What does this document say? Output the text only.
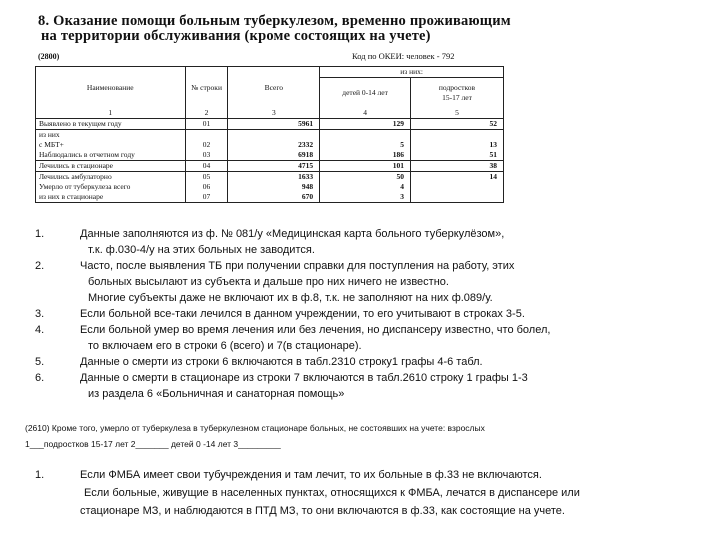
8. Оказание помощи больным туберкулезом, временно проживающим
на территории обслуживания (кроме состоящих на учете)
(2800)	Код по ОКЕИ: человек - 792
Наименование	№ строки	Всего	из них:	
			детей 0-14 лет	подростков 15-17 лет
1	2	3	4	5
Выявлено в текущем году	01	5961	129	52
из них				
с МБТ+	02	2332	5	13
Наблюдались в отчетном году	03	6918	186	51
Лечились в стационаре	04	4715	101	38
Лечились амбулаторно	05	1633	50	14
Умерло от туберкулеза всего	06	948	4	
из них в стационаре	07	670	3	
1.	Данные заполняются из ф. № 081/у «Медицинская карта больного туберкулёзом»,
т.к. ф.030-4/у на этих больных не заводится.
2.	Часто, после выявления ТБ при получении справки для поступления на работу, этих
больных высылают из субъекта и дальше про них ничего не известно.
Многие субъекты даже не включают их в ф.8, т.к. не заполняют на них ф.089/у.
3.	Если больной все-таки лечился в данном учреждении, то его учитывают в строках 3-5.
4.	Если больной умер во время лечения или без лечения, но диспансеру известно, что болел,
то включаем его в строки 6 (всего) и 7(в стационаре).
5.	Данные о смерти из строки 6 включаются в табл.2310 строку1 графы 4-6 табл.
6.	Данные о смерти в стационаре из строки 7 включаются в табл.2610 строку 1 графы 1-3
из раздела 6 «Больничная и санаторная помощь»
(2610) Кроме того, умерло от туберкулеза в туберкулезном стационаре больных, не состоявших на учете: взрослых
1___подростков 15-17 лет 2_______ детей 0 -14 лет 3_________
1.	Если ФМБА имеет свои тубучреждения и там лечит, то их больные в ф.33 не включаются.
Если больные, живущие в населенных пунктах, относящихся к ФМБА, лечатся в диспансере или
стационаре МЗ, и наблюдаются в ПТД МЗ, то они включаются в ф.33, как состоящие на учете.
